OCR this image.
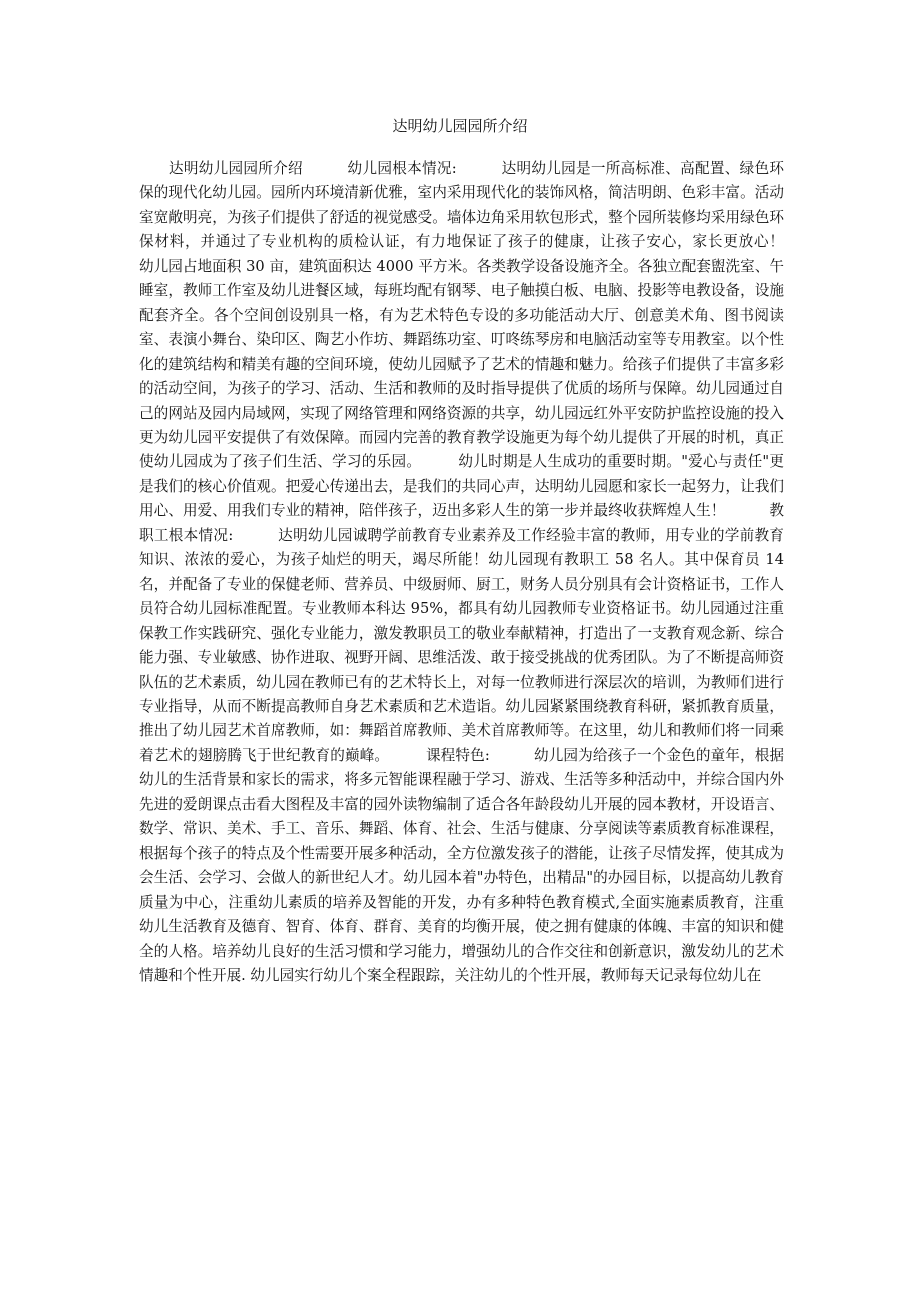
达明幼儿园园所介绍

达明幼儿园园所介绍　　　幼儿园根本情况:　　　达明幼儿园是一所高标准、高配置、绿色环保的现代化幼儿园。园所内环境清新优雅，室内采用现代化的装饰风格，简洁明朗、色彩丰富。活动室宽敞明亮，为孩子们提供了舒适的视觉感受。墙体边角采用软包形式，整个园所装修均采用绿色环保材料，并通过了专业机构的质检认证，有力地保证了孩子的健康，让孩子安心，家长更放心！　　　幼儿园占地面积 30 亩，建筑面积达 4000 平方米。各类教学设备设施齐全。各独立配套盥洗室、午睡室，教师工作室及幼儿进餐区域，每班均配有钢琴、电子触摸白板、电脑、投影等电教设备，设施配套齐全。各个空间创设别具一格，有为艺术特色专设的多功能活动大厅、创意美术角、图书阅读室、表演小舞台、染印区、陶艺小作坊、舞蹈练功室、叮咚练琴房和电脑活动室等专用教室。以个性化的建筑结构和精美有趣的空间环境，使幼儿园赋予了艺术的情趣和魅力。给孩子们提供了丰富多彩的活动空间，为孩子的学习、活动、生活和教师的及时指导提供了优质的场所与保障。幼儿园通过自己的网站及园内局域网，实现了网络管理和网络资源的共享，幼儿园远红外平安防护监控设施的投入更为幼儿园平安提供了有效保障。而园内完善的教育教学设施更为每个幼儿提供了开展的时机，真正使幼儿园成为了孩子们生活、学习的乐园。　　　幼儿时期是人生成功的重要时期。"爱心与责任"更是我们的核心价值观。把爱心传递出去，是我们的共同心声，达明幼儿园愿和家长一起努力，让我们用心、用爱、用我们专业的精神，陪伴孩子，迈出多彩人生的第一步并最终收获辉煌人生！　　　教职工根本情况:　　　达明幼儿园诚聘学前教育专业素养及工作经验丰富的教师，用专业的学前教育知识、浓浓的爱心，为孩子灿烂的明天，竭尽所能！幼儿园现有教职工 58 名人。其中保育员 14 名，并配备了专业的保健老师、营养员、中级厨师、厨工，财务人员分别具有会计资格证书，工作人员符合幼儿园标准配置。专业教师本科达 95%，都具有幼儿园教师专业资格证书。幼儿园通过注重保教工作实践研究、强化专业能力，激发教职员工的敬业奉献精神，打造出了一支教育观念新、综合能力强、专业敏感、协作进取、视野开阔、思维活泼、敢于接受挑战的优秀团队。为了不断提高师资队伍的艺术素质，幼儿园在教师已有的艺术特长上，对每一位教师进行深层次的培训，为教师们进行专业指导，从而不断提高教师自身艺术素质和艺术造诣。幼儿园紧紧围绕教育科研，紧抓教育质量，推出了幼儿园艺术首席教师，如：舞蹈首席教师、美术首席教师等。在这里，幼儿和教师们将一同乘着艺术的翅膀腾飞于世纪教育的巅峰。　　　课程特色:　　　幼儿园为给孩子一个金色的童年，根据幼儿的生活背景和家长的需求，将多元智能课程融于学习、游戏、生活等多种活动中，并综合国内外先进的爱朗课点击看大图程及丰富的园外读物编制了适合各年龄段幼儿开展的园本教材，开设语言、数学、常识、美术、手工、音乐、舞蹈、体育、社会、生活与健康、分享阅读等素质教育标准课程，根据每个孩子的特点及个性需要开展多种活动，全方位激发孩子的潜能，让孩子尽情发挥，使其成为会生活、会学习、会做人的新世纪人才。幼儿园本着"办特色，出精品"的办园目标，以提高幼儿教育质量为中心，注重幼儿素质的培养及智能的开发，办有多种特色教育模式,全面实施素质教育，注重幼儿生活教育及德育、智育、体育、群育、美育的均衡开展，使之拥有健康的体魄、丰富的知识和健全的人格。培养幼儿良好的生活习惯和学习能力，增强幼儿的合作交往和创新意识，激发幼儿的艺术情趣和个性开展. 幼儿园实行幼儿个案全程跟踪，关注幼儿的个性开展，教师每天记录每位幼儿在
